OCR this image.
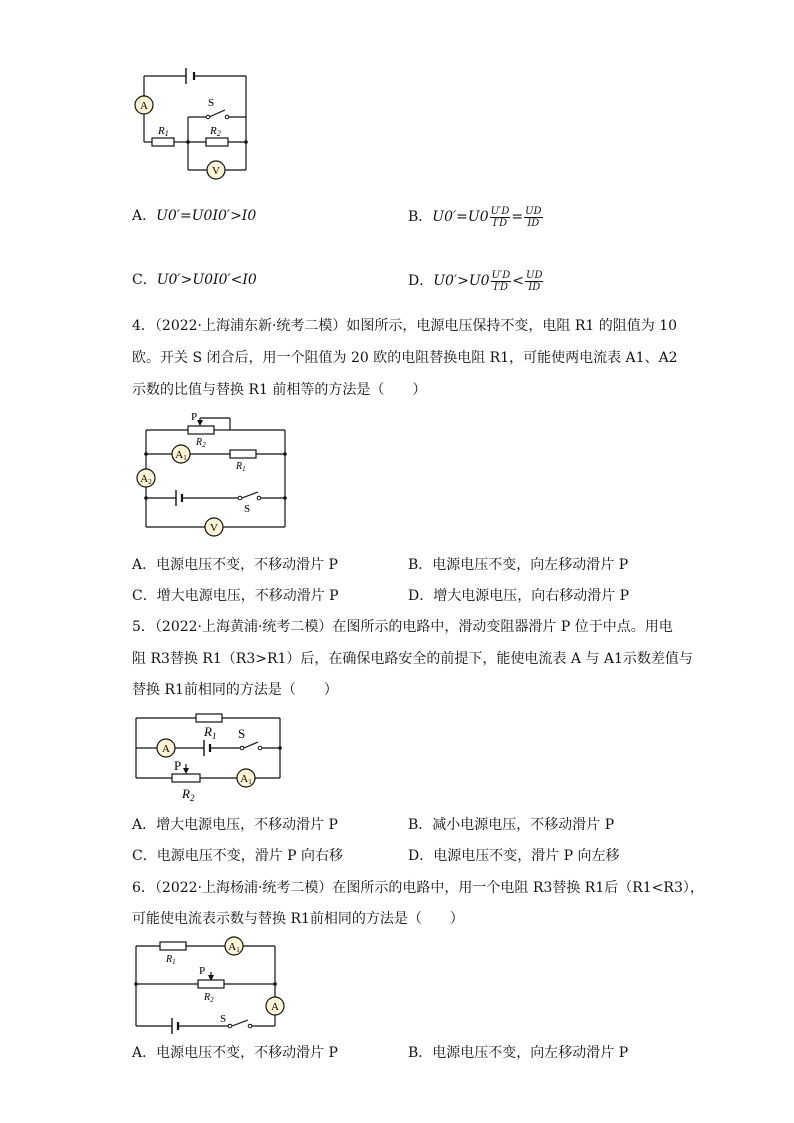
A
V
S
R1	R2
A．U0′=U0I0′>I0	B． $U0'=U0 \frac{U'D}{I'D} = \frac{UD}{ID}$
C．U0′>U0I0′<I0	D． $U0'>U0 \frac{U'D}{I'D} < \frac{UD}{ID}$
4．（2022·上海浦东新·统考二模）如图所示，电源电压保持不变，电阻 R1 的阻值为 10
欧。开关 S 闭合后，用一个阻值为 20 欧的电阻替换电阻 R1，可能使两电流表 A1、A2
示数的比值与替换 R1 前相等的方法是（　　）
A1
A2
V
P
$R_2$
$R_1$
S
A．电源电压不变，不移动滑片 P	B．电源电压不变，向左移动滑片 P
C．增大电源电压，不移动滑片 P	D．增大电源电压，向右移动滑片 P
5．（2022·上海黄浦·统考二模）在图所示的电路中，滑动变阻器滑片 P 位于中点。用电
阻 R3替换 R1（R3>R1）后，在确保电路安全的前提下，能使电流表 A 与 A1示数差值与
替换 R1前相同的方法是（　　）
A
A1
$R_1$ S
P
$R_2$
A．增大电源电压，不移动滑片 P	B．减小电源电压，不移动滑片 P
C．电源电压不变，滑片 P 向右移	D．电源电压不变，滑片 P 向左移
6．（2022·上海杨浦·统考二模）在图所示的电路中，用一个电阻 R3替换 R1后（R1<R3），
可能使电流表示数与替换 R1前相同的方法是（　　）
A1
A
$R_1$
P
$R_2$
S
A．电源电压不变，不移动滑片 P	B．电源电压不变，向左移动滑片 P
